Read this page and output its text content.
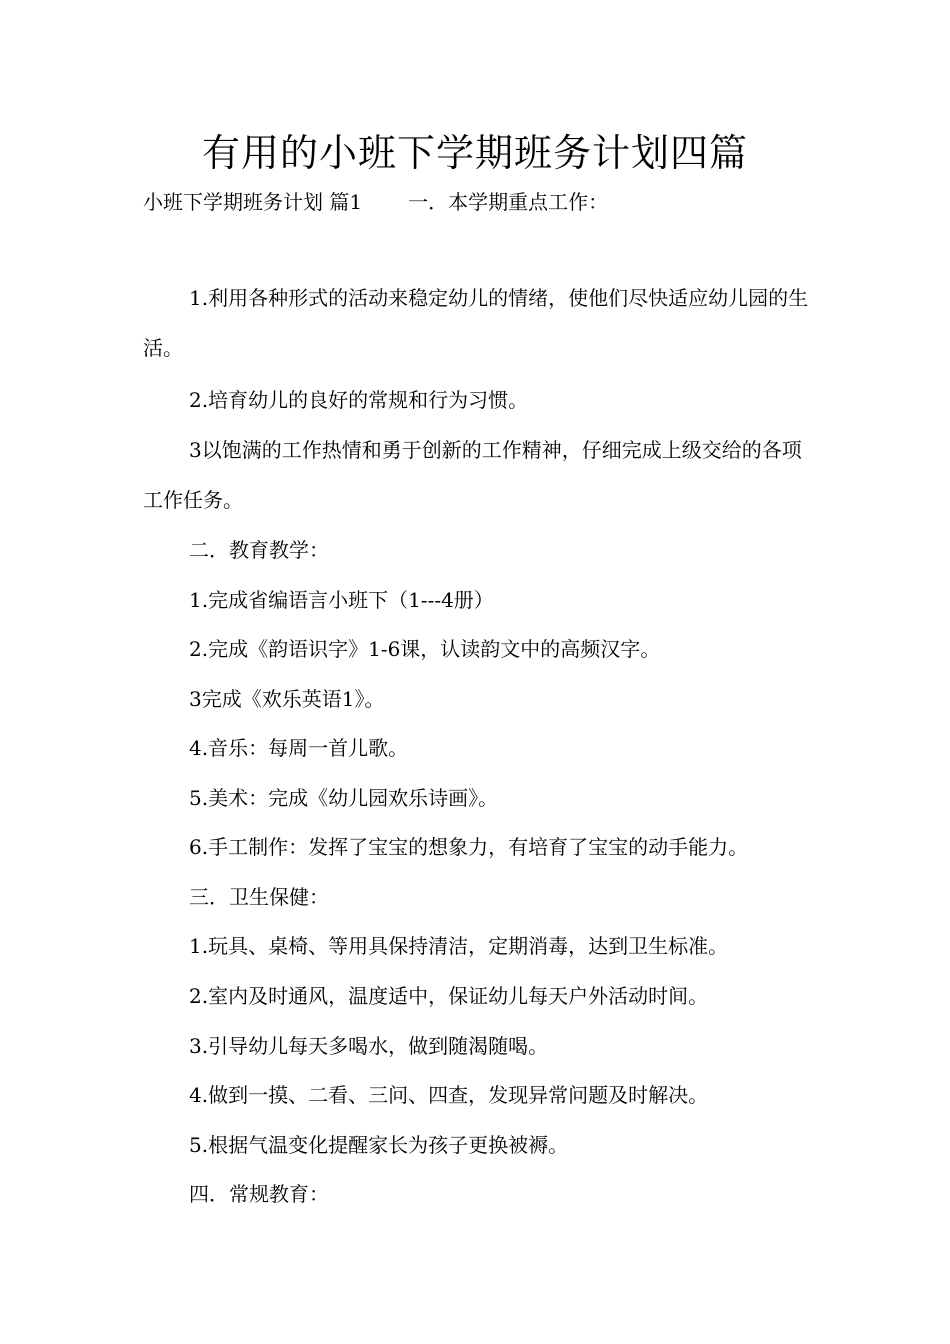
有用的小班下学期班务计划四篇
小班下学期班务计划 篇1 一．本学期重点工作：
1.利用各种形式的活动来稳定幼儿的情绪，使他们尽快适应幼儿园的生活。
2.培育幼儿的良好的常规和行为习惯。
3以饱满的工作热情和勇于创新的工作精神，仔细完成上级交给的各项工作任务。
二．教育教学：
1.完成省编语言小班下（1---4册）
2.完成《韵语识字》1-6课，认读韵文中的高频汉字。
3完成《欢乐英语1》。
4.音乐：每周一首儿歌。
5.美术：完成《幼儿园欢乐诗画》。
6.手工制作：发挥了宝宝的想象力，有培育了宝宝的动手能力。
三．卫生保健：
1.玩具、桌椅、等用具保持清洁，定期消毒，达到卫生标准。
2.室内及时通风，温度适中，保证幼儿每天户外活动时间。
3.引导幼儿每天多喝水，做到随渴随喝。
4.做到一摸、二看、三问、四查，发现异常问题及时解决。
5.根据气温变化提醒家长为孩子更换被褥。
四．常规教育：
